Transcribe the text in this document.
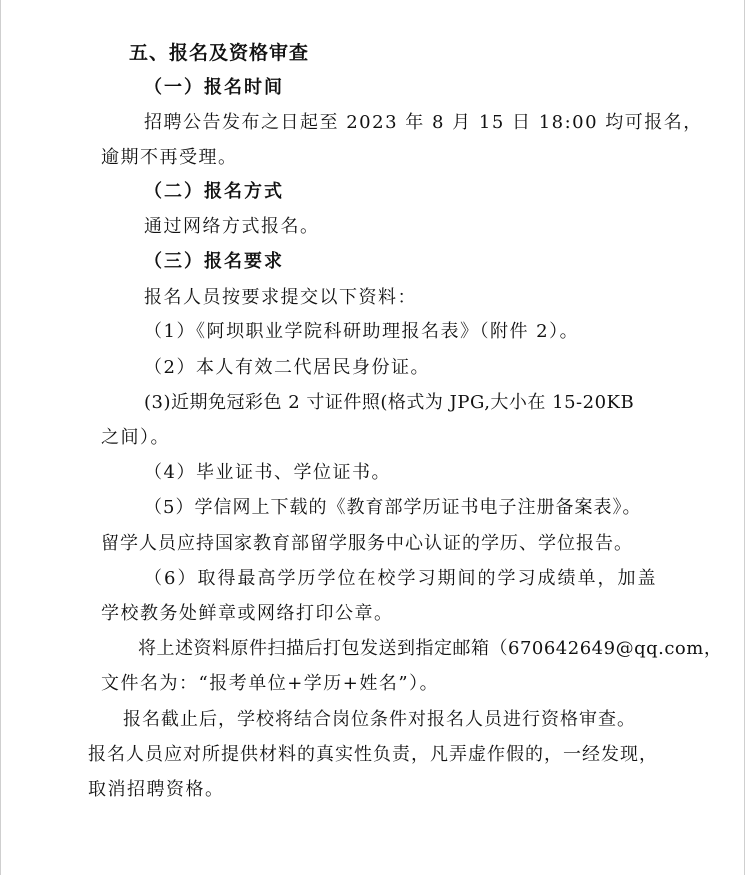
五、报名及资格审查
（一）报名时间
招聘公告发布之日起至 2023 年 8 月 15 日 18:00 均可报名，
逾期不再受理。
（二）报名方式
通过网络方式报名。
（三）报名要求
报名人员按要求提交以下资料：
（1）《阿坝职业学院科研助理报名表》（附件 2）。
（2）本人有效二代居民身份证。
(3)近期免冠彩色 2 寸证件照(格式为 JPG,大小在 15-20KB
之间）。
（4）毕业证书、学位证书。
（5）学信网上下载的《教育部学历证书电子注册备案表》。
留学人员应持国家教育部留学服务中心认证的学历、学位报告。
（6）取得最高学历学位在校学习期间的学习成绩单，加盖
学校教务处鲜章或网络打印公章。
将上述资料原件扫描后打包发送到指定邮箱（670642649@qq.com，
文件名为：“报考单位+学历+姓名”）。
报名截止后，学校将结合岗位条件对报名人员进行资格审查。
报名人员应对所提供材料的真实性负责，凡弄虚作假的，一经发现，
取消招聘资格。
